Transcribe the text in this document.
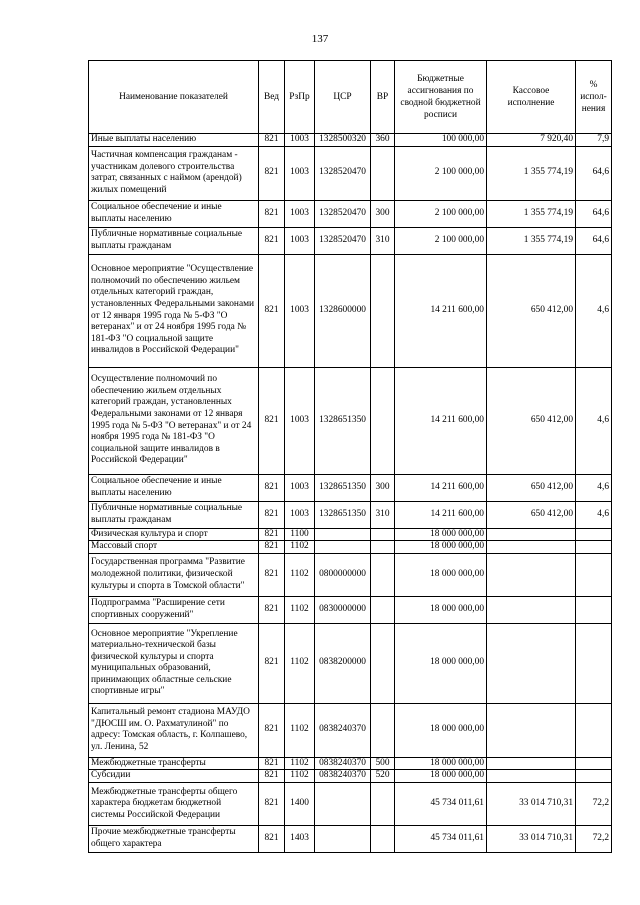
137
Наименование показателей	Вед	РзПр	ЦСР	ВР	Бюджетные ассигнования по сводной бюджетной росписи	Кассовое исполнение	% испол-нения
Иные выплаты населению	821	1003	1328500320	360	100 000,00	7 920,40	7,9
Частичная компенсация гражданам - участникам долевого строительства затрат, связанных с наймом (арендой) жилых помещений	821	1003	1328520470		2 100 000,00	1 355 774,19	64,6
Социальное обеспечение и иные выплаты населению	821	1003	1328520470	300	2 100 000,00	1 355 774,19	64,6
Публичные нормативные социальные выплаты гражданам	821	1003	1328520470	310	2 100 000,00	1 355 774,19	64,6
Основное мероприятие "Осуществление полномочий по обеспечению жильем отдельных категорий граждан, установленных Федеральными законами от 12 января 1995 года № 5-ФЗ "О ветеранах" и от 24 ноября 1995 года № 181-ФЗ "О социальной защите инвалидов в Российской Федерации"	821	1003	1328600000		14 211 600,00	650 412,00	4,6
Осуществление полномочий по обеспечению жильем отдельных категорий граждан, установленных Федеральными законами от 12 января 1995 года № 5-ФЗ "О ветеранах" и от 24 ноября 1995 года № 181-ФЗ "О социальной защите инвалидов в Российской Федерации"	821	1003	1328651350		14 211 600,00	650 412,00	4,6
Социальное обеспечение и иные выплаты населению	821	1003	1328651350	300	14 211 600,00	650 412,00	4,6
Публичные нормативные социальные выплаты гражданам	821	1003	1328651350	310	14 211 600,00	650 412,00	4,6
Физическая культура и спорт	821	1100			18 000 000,00		
Массовый спорт	821	1102			18 000 000,00		
Государственная программа "Развитие молодежной политики, физической культуры и спорта в Томской области"	821	1102	0800000000		18 000 000,00		
Подпрограмма "Расширение сети спортивных сооружений"	821	1102	0830000000		18 000 000,00		
Основное мероприятие "Укрепление материально-технической базы физической культуры и спорта муниципальных образований, принимающих областные сельские спортивные игры"	821	1102	0838200000		18 000 000,00		
Капитальный ремонт стадиона МАУДО "ДЮСШ им. О. Рахматулиной" по адресу: Томская область, г. Колпашево, ул. Ленина, 52	821	1102	0838240370		18 000 000,00		
Межбюджетные трансферты	821	1102	0838240370	500	18 000 000,00		
Субсидии	821	1102	0838240370	520	18 000 000,00		
Межбюджетные трансферты общего характера бюджетам бюджетной системы Российской Федерации	821	1400			45 734 011,61	33 014 710,31	72,2
Прочие межбюджетные трансферты общего характера	821	1403			45 734 011,61	33 014 710,31	72,2
